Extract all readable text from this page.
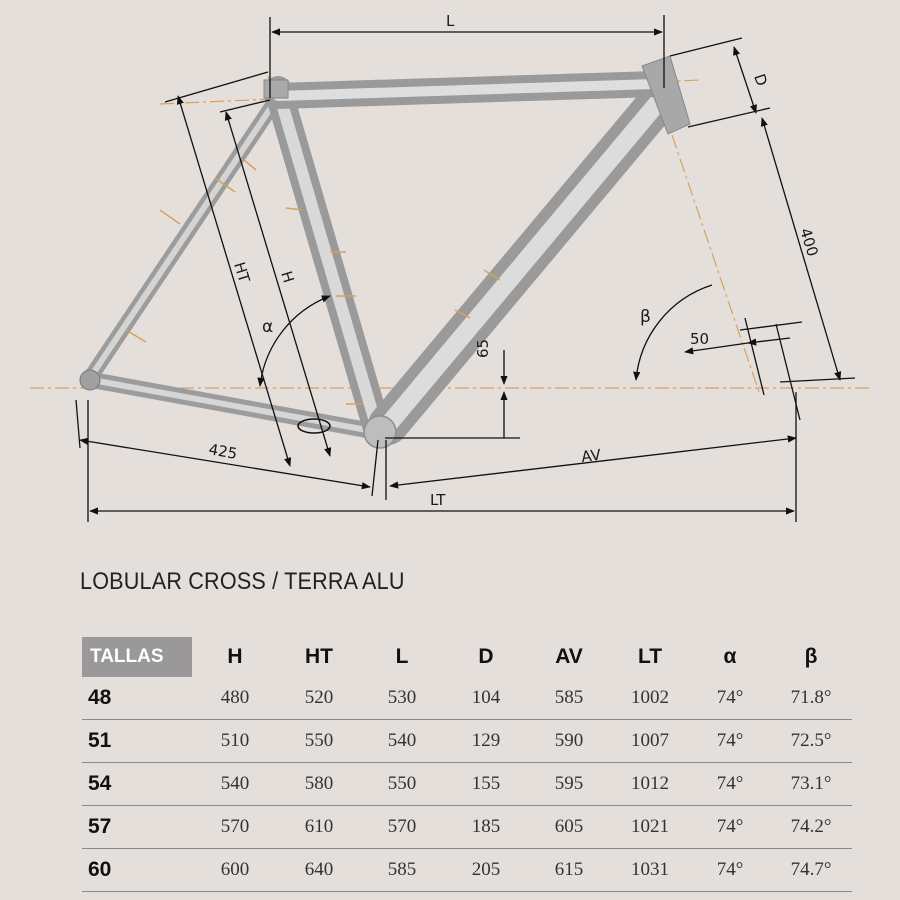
L
D
400
50
β
HT H
α
65
425	AV
LT
LOBULAR CROSS / TERRA ALU
TALLAS	H	HT	L	D	AV	LT	α	β
48	480	520	530	104	585	1002	74°	71.8°
51	510	550	540	129	590	1007	74°	72.5°
54	540	580	550	155	595	1012	74°	73.1°
57	570	610	570	185	605	1021	74°	74.2°
60	600	640	585	205	615	1031	74°	74.7°
